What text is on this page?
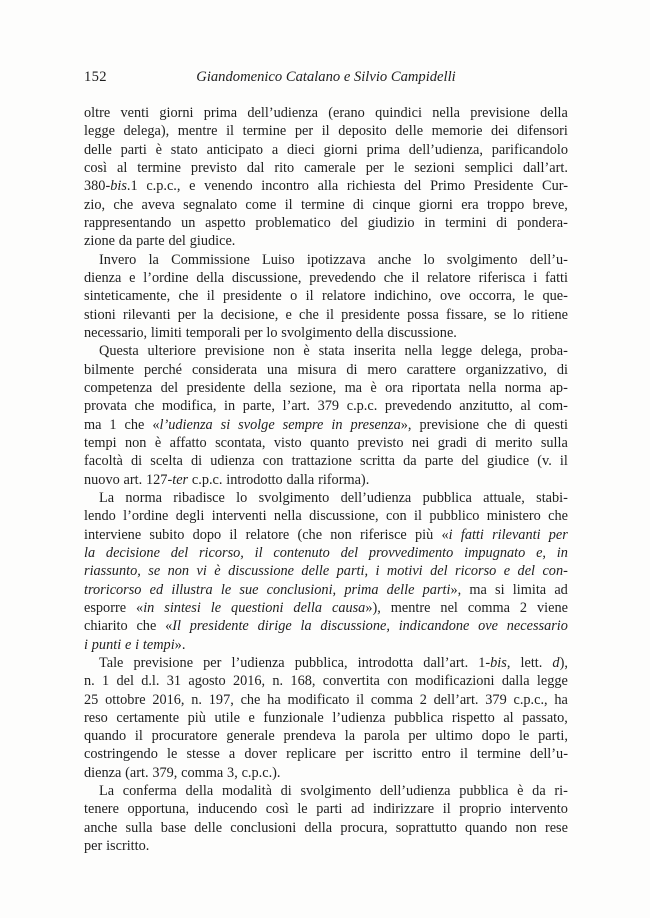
152	Giandomenico Catalano e Silvio Campidelli
oltre venti giorni prima dell’udienza (erano quindici nella previsione della
legge delega), mentre il termine per il deposito delle memorie dei difensori
delle parti è stato anticipato a dieci giorni prima dell’udienza, parificandolo
così al termine previsto dal rito camerale per le sezioni semplici dall’art.
380-bis.1 c.p.c., e venendo incontro alla richiesta del Primo Presidente Cur-
zio, che aveva segnalato come il termine di cinque giorni era troppo breve,
rappresentando un aspetto problematico del giudizio in termini di pondera-
zione da parte del giudice.
Invero la Commissione Luiso ipotizzava anche lo svolgimento dell’u-
dienza e l’ordine della discussione, prevedendo che il relatore riferisca i fatti
sinteticamente, che il presidente o il relatore indichino, ove occorra, le que-
stioni rilevanti per la decisione, e che il presidente possa fissare, se lo ritiene
necessario, limiti temporali per lo svolgimento della discussione.
Questa ulteriore previsione non è stata inserita nella legge delega, proba-
bilmente perché considerata una misura di mero carattere organizzativo, di
competenza del presidente della sezione, ma è ora riportata nella norma ap-
provata che modifica, in parte, l’art. 379 c.p.c. prevedendo anzitutto, al com-
ma 1 che «l’udienza si svolge sempre in presenza», previsione che di questi
tempi non è affatto scontata, visto quanto previsto nei gradi di merito sulla
facoltà di scelta di udienza con trattazione scritta da parte del giudice (v. il
nuovo art. 127-ter c.p.c. introdotto dalla riforma).
La norma ribadisce lo svolgimento dell’udienza pubblica attuale, stabi-
lendo l’ordine degli interventi nella discussione, con il pubblico ministero che
interviene subito dopo il relatore (che non riferisce più «i fatti rilevanti per
la decisione del ricorso, il contenuto del provvedimento impugnato e, in
riassunto, se non vi è discussione delle parti, i motivi del ricorso e del con-
troricorso ed illustra le sue conclusioni, prima delle parti», ma si limita ad
esporre «in sintesi le questioni della causa»), mentre nel comma 2 viene
chiarito che «Il presidente dirige la discussione, indicandone ove necessario
i punti e i tempi».
Tale previsione per l’udienza pubblica, introdotta dall’art. 1-bis, lett. d),
n. 1 del d.l. 31 agosto 2016, n. 168, convertita con modificazioni dalla legge
25 ottobre 2016, n. 197, che ha modificato il comma 2 dell’art. 379 c.p.c., ha
reso certamente più utile e funzionale l’udienza pubblica rispetto al passato,
quando il procuratore generale prendeva la parola per ultimo dopo le parti,
costringendo le stesse a dover replicare per iscritto entro il termine dell’u-
dienza (art. 379, comma 3, c.p.c.).
La conferma della modalità di svolgimento dell’udienza pubblica è da ri-
tenere opportuna, inducendo così le parti ad indirizzare il proprio intervento
anche sulla base delle conclusioni della procura, soprattutto quando non rese
per iscritto.
